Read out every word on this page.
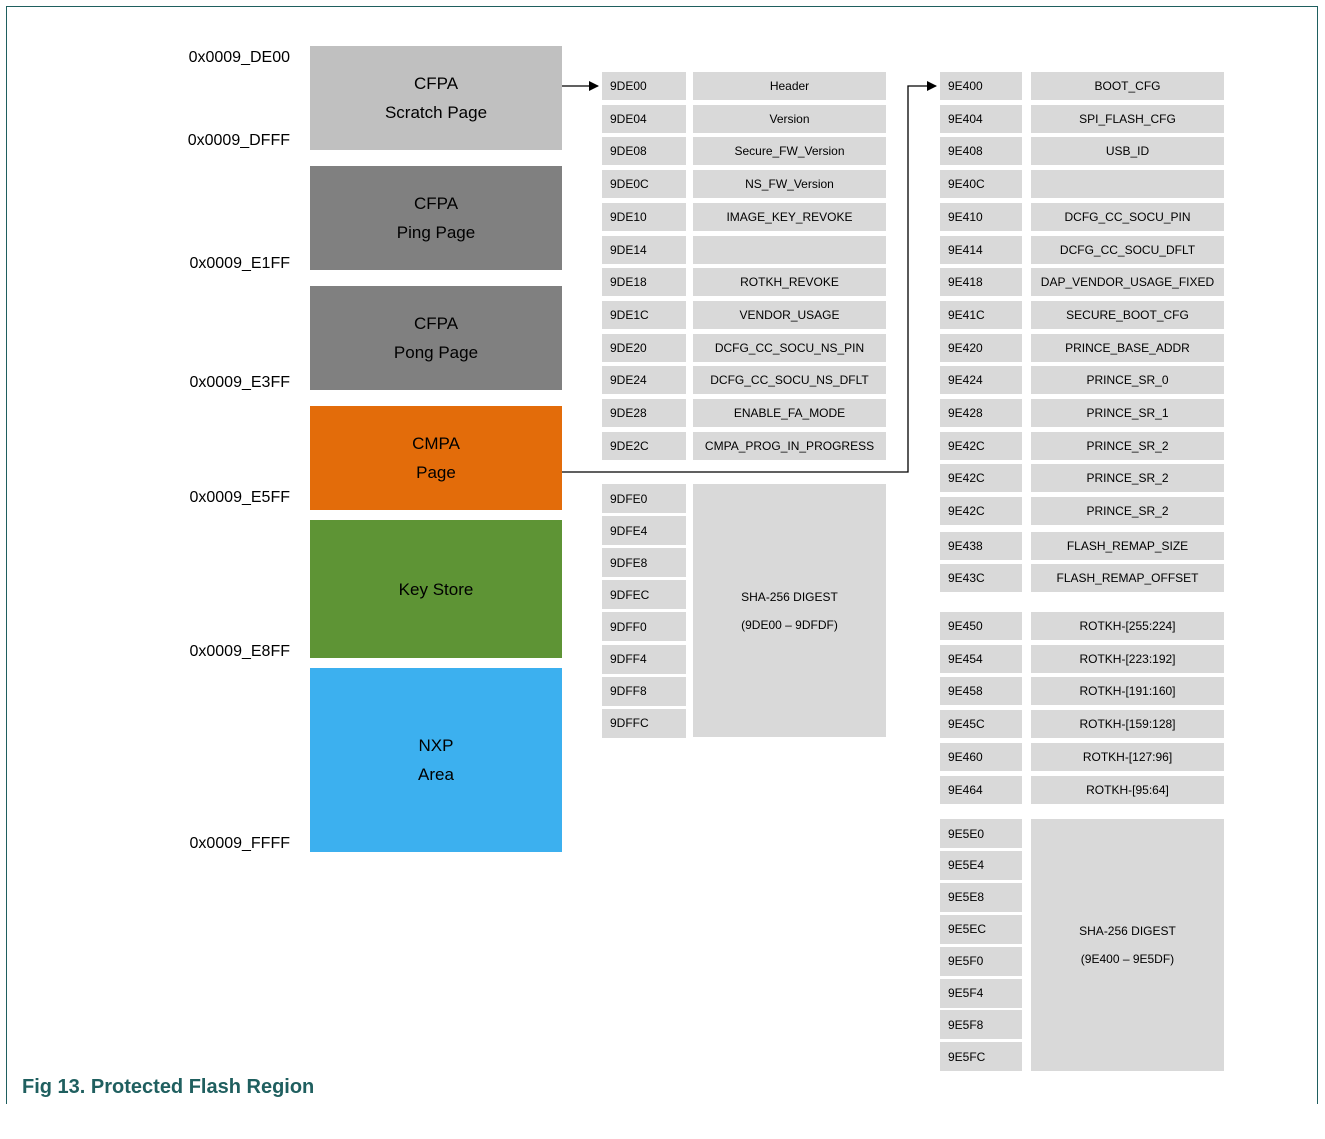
0x0009_DE00
0x0009_DFFF
0x0009_E1FF
0x0009_E3FF
0x0009_E5FF
0x0009_E8FF
0x0009_FFFF
CFPA
Scratch Page
CFPA
Ping Page
CFPA
Pong Page
CMPA
Page
Key Store
NXP
Area
9DE00	Header
9DE04	Version
9DE08	Secure_FW_Version
9DE0C	NS_FW_Version
9DE10	IMAGE_KEY_REVOKE
9DE14
9DE18	ROTKH_REVOKE
9DE1C	VENDOR_USAGE
9DE20	DCFG_CC_SOCU_NS_PIN
9DE24	DCFG_CC_SOCU_NS_DFLT
9DE28	ENABLE_FA_MODE
9DE2C	CMPA_PROG_IN_PROGRESS
9DFE0
9DFE4
9DFE8
9DFEC
9DFF0
9DFF4
9DFF8
9DFFC
SHA-256 DIGEST
(9DE00 – 9DFDF)
9E400	BOOT_CFG
9E404	SPI_FLASH_CFG
9E408	USB_ID
9E40C
9E410	DCFG_CC_SOCU_PIN
9E414	DCFG_CC_SOCU_DFLT
9E418	DAP_VENDOR_USAGE_FIXED
9E41C	SECURE_BOOT_CFG
9E420	PRINCE_BASE_ADDR
9E424	PRINCE_SR_0
9E428	PRINCE_SR_1
9E42C	PRINCE_SR_2
9E42C	PRINCE_SR_2
9E42C	PRINCE_SR_2
9E438	FLASH_REMAP_SIZE
9E43C	FLASH_REMAP_OFFSET
9E450	ROTKH-[255:224]
9E454	ROTKH-[223:192]
9E458	ROTKH-[191:160]
9E45C	ROTKH-[159:128]
9E460	ROTKH-[127:96]
9E464	ROTKH-[95:64]
9E5E0
9E5E4
9E5E8
9E5EC
9E5F0
9E5F4
9E5F8
9E5FC
SHA-256 DIGEST
(9E400 – 9E5DF)
Fig 13. Protected Flash Region
